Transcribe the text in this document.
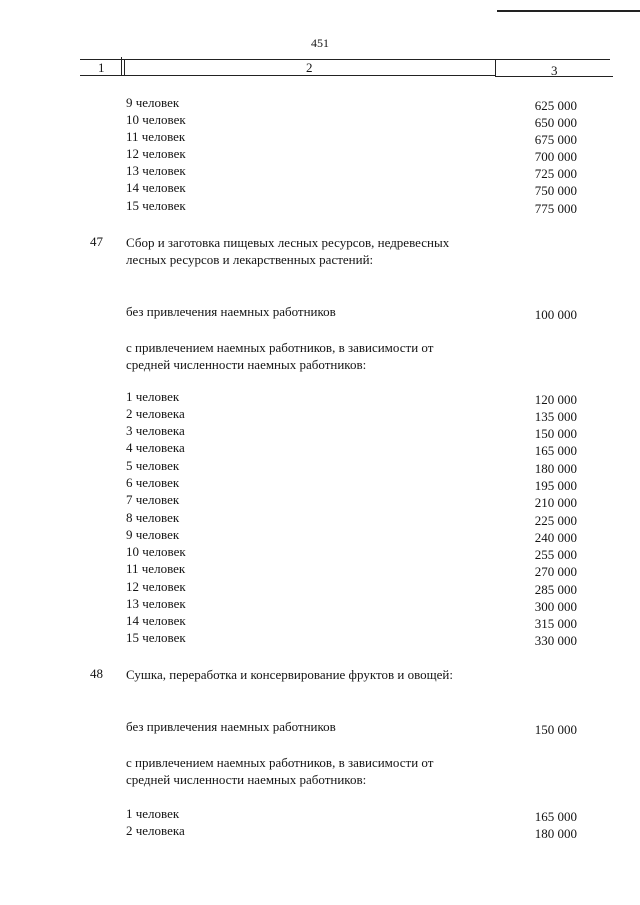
451
1	2	3
9 человек	625 000
10 человек	650 000
11 человек	675 000
12 человек	700 000
13 человек	725 000
14 человек	750 000
15 человек	775 000
47 Сбор и заготовка пищевых лесных ресурсов, недревесных лесных ресурсов и лекарственных растений:
без привлечения наемных работников	100 000
с привлечением наемных работников, в зависимости от средней численности наемных работников:
1 человек	120 000
2 человека	135 000
3 человека	150 000
4 человека	165 000
5 человек	180 000
6 человек	195 000
7 человек	210 000
8 человек	225 000
9 человек	240 000
10 человек	255 000
11 человек	270 000
12 человек	285 000
13 человек	300 000
14 человек	315 000
15 человек	330 000
48 Сушка, переработка и консервирование фруктов и овощей:
без привлечения наемных работников	150 000
с привлечением наемных работников, в зависимости от средней численности наемных работников:
1 человек	165 000
2 человека	180 000
